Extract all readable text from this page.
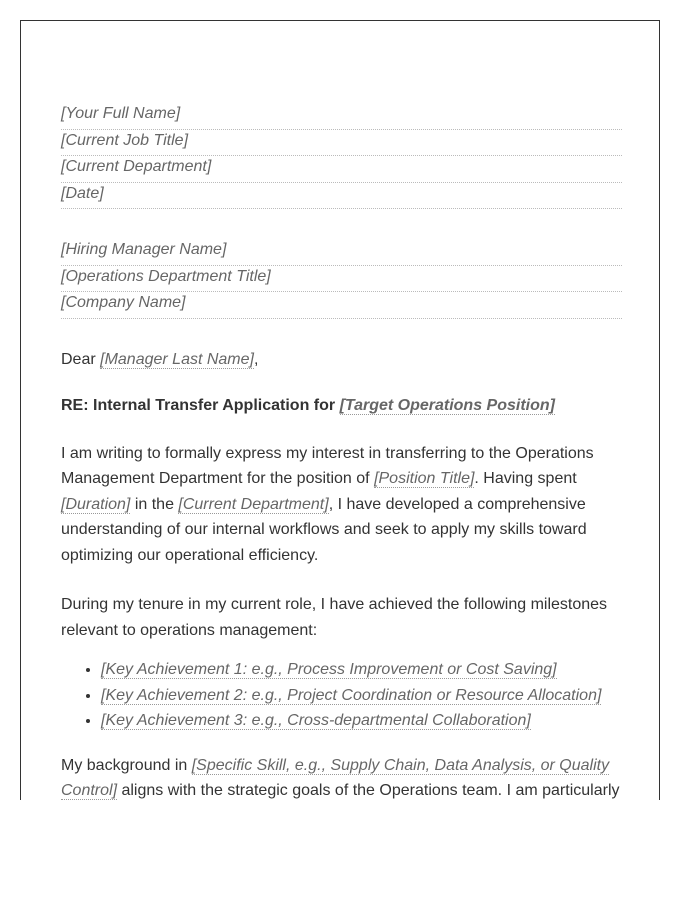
[Your Full Name]
[Current Job Title]
[Current Department]
[Date]
[Hiring Manager Name]
[Operations Department Title]
[Company Name]
Dear [Manager Last Name],
RE: Internal Transfer Application for [Target Operations Position]
I am writing to formally express my interest in transferring to the Operations Management Department for the position of [Position Title]. Having spent [Duration] in the [Current Department], I have developed a comprehensive understanding of our internal workflows and seek to apply my skills toward optimizing our operational efficiency.
During my tenure in my current role, I have achieved the following milestones relevant to operations management:
• [Key Achievement 1: e.g., Process Improvement or Cost Saving]
• [Key Achievement 2: e.g., Project Coordination or Resource Allocation]
• [Key Achievement 3: e.g., Cross-departmental Collaboration]
My background in [Specific Skill, e.g., Supply Chain, Data Analysis, or Quality Control] aligns with the strategic goals of the Operations team. I am particularly
